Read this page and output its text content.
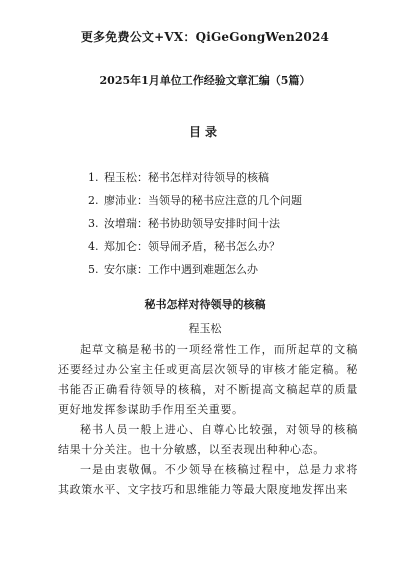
更多免费公文+VX：QiGeGongWen2024
2025年1月单位工作经验文章汇编（5篇）
目录
1. 程玉松：秘书怎样对待领导的核稿
2. 廖沛业：当领导的秘书应注意的几个问题
3. 汝增瑞：秘书协助领导安排时间十法
4. 郑加仑：领导闹矛盾，秘书怎么办？
5. 安尔康：工作中遇到难题怎么办
秘书怎样对待领导的核稿
程玉松

起草文稿是秘书的一项经常性工作，而所起草的文稿还要经过办公室主任或更高层次领导的审核才能定稿。秘书能否正确看待领导的核稿，对不断提高文稿起草的质量更好地发挥参谋助手作用至关重要。

秘书人员一般上进心、自尊心比较强，对领导的核稿结果十分关注。也十分敏感，以至表现出种种心态。

一是由衷敬佩。不少领导在核稿过程中，总是力求将其政策水平、文字技巧和思维能力等最大限度地发挥出来
